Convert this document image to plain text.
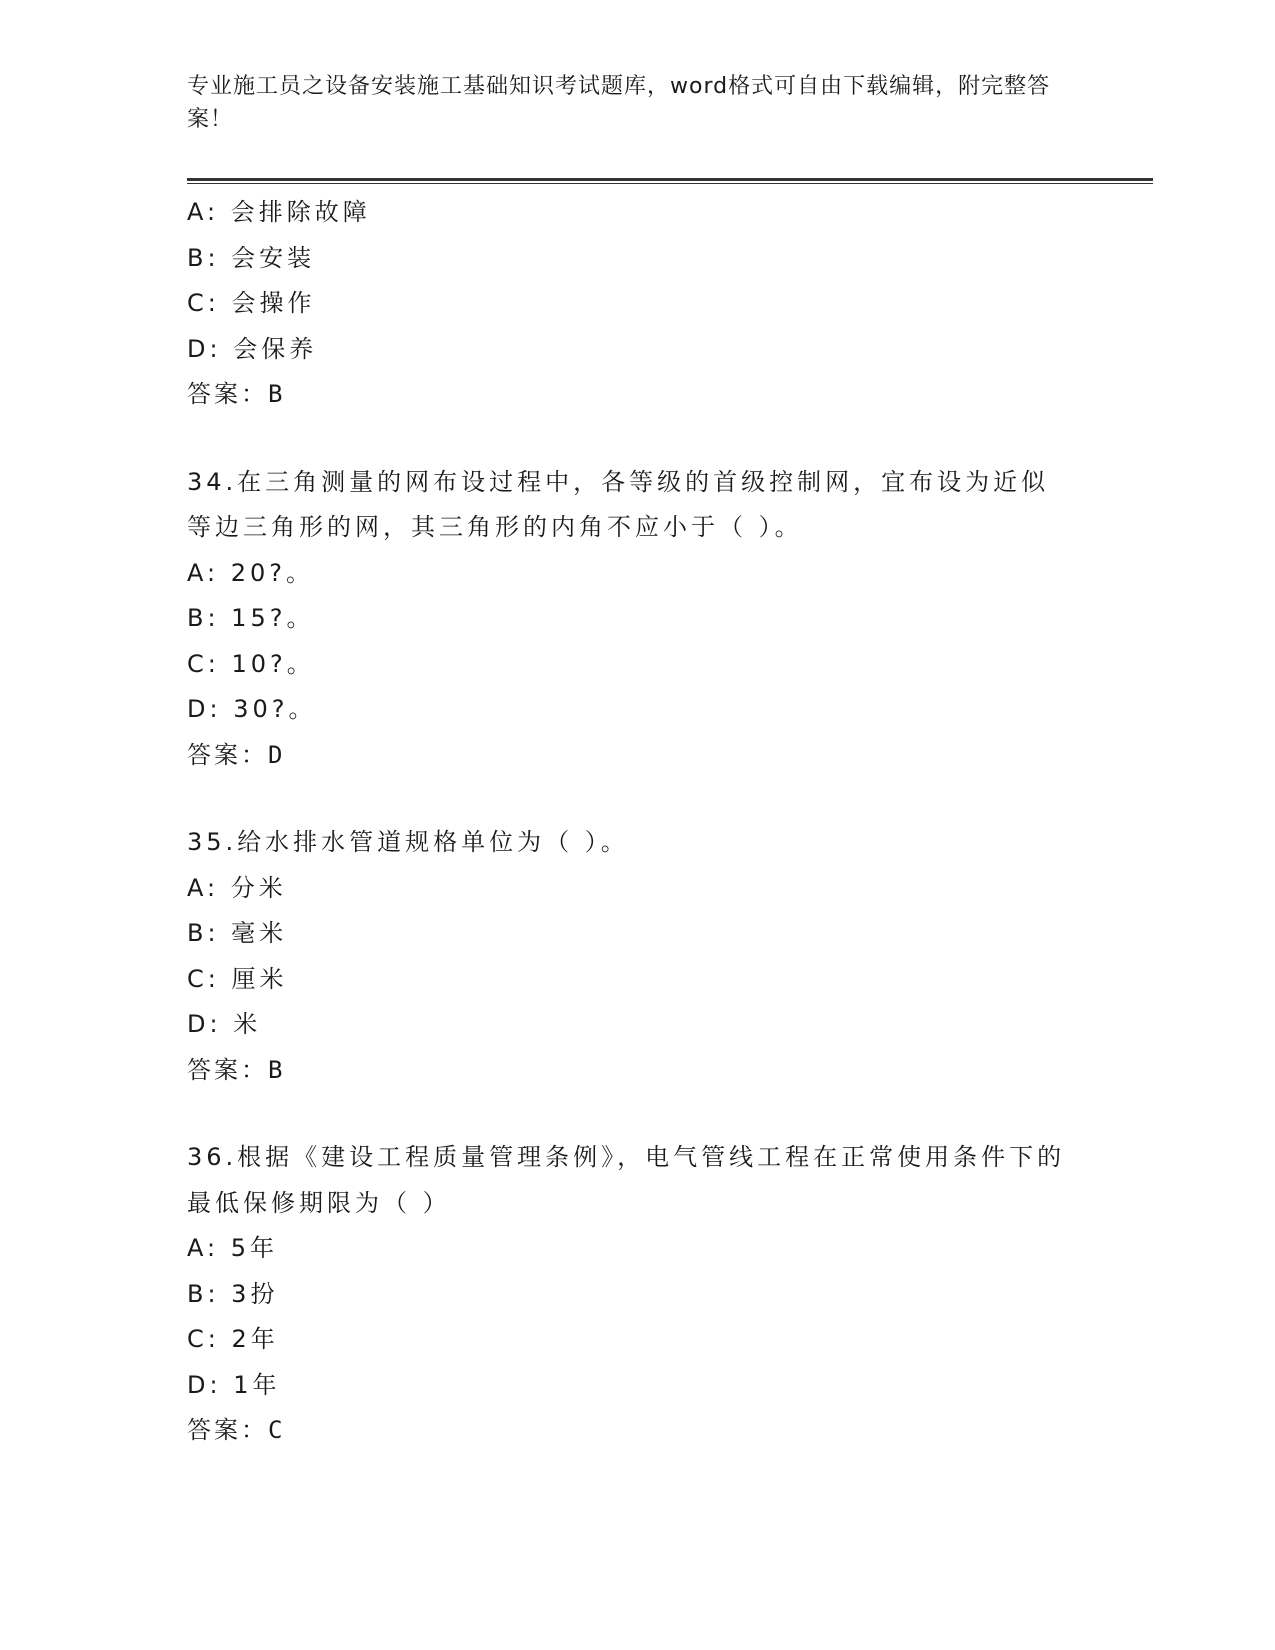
专业施工员之设备安装施工基础知识考试题库，word格式可自由下载编辑，附完整答案！
A: 会排除故障
B: 会安装
C: 会操作
D: 会保养
答案：B
34.在三角测量的网布设过程中，各等级的首级控制网，宜布设为近似等边三角形的网，其三角形的内角不应小于（ ）。
A: 20?。
B: 15?。
C: 10?。
D: 30?。
答案：D
35.给水排水管道规格单位为（ ）。
A: 分米
B: 毫米
C: 厘米
D: 米
答案：B
36.根据《建设工程质量管理条例》，电气管线工程在正常使用条件下的最低保修期限为（ ）
A: 5年
B: 3扮
C: 2年
D: 1年
答案：C
